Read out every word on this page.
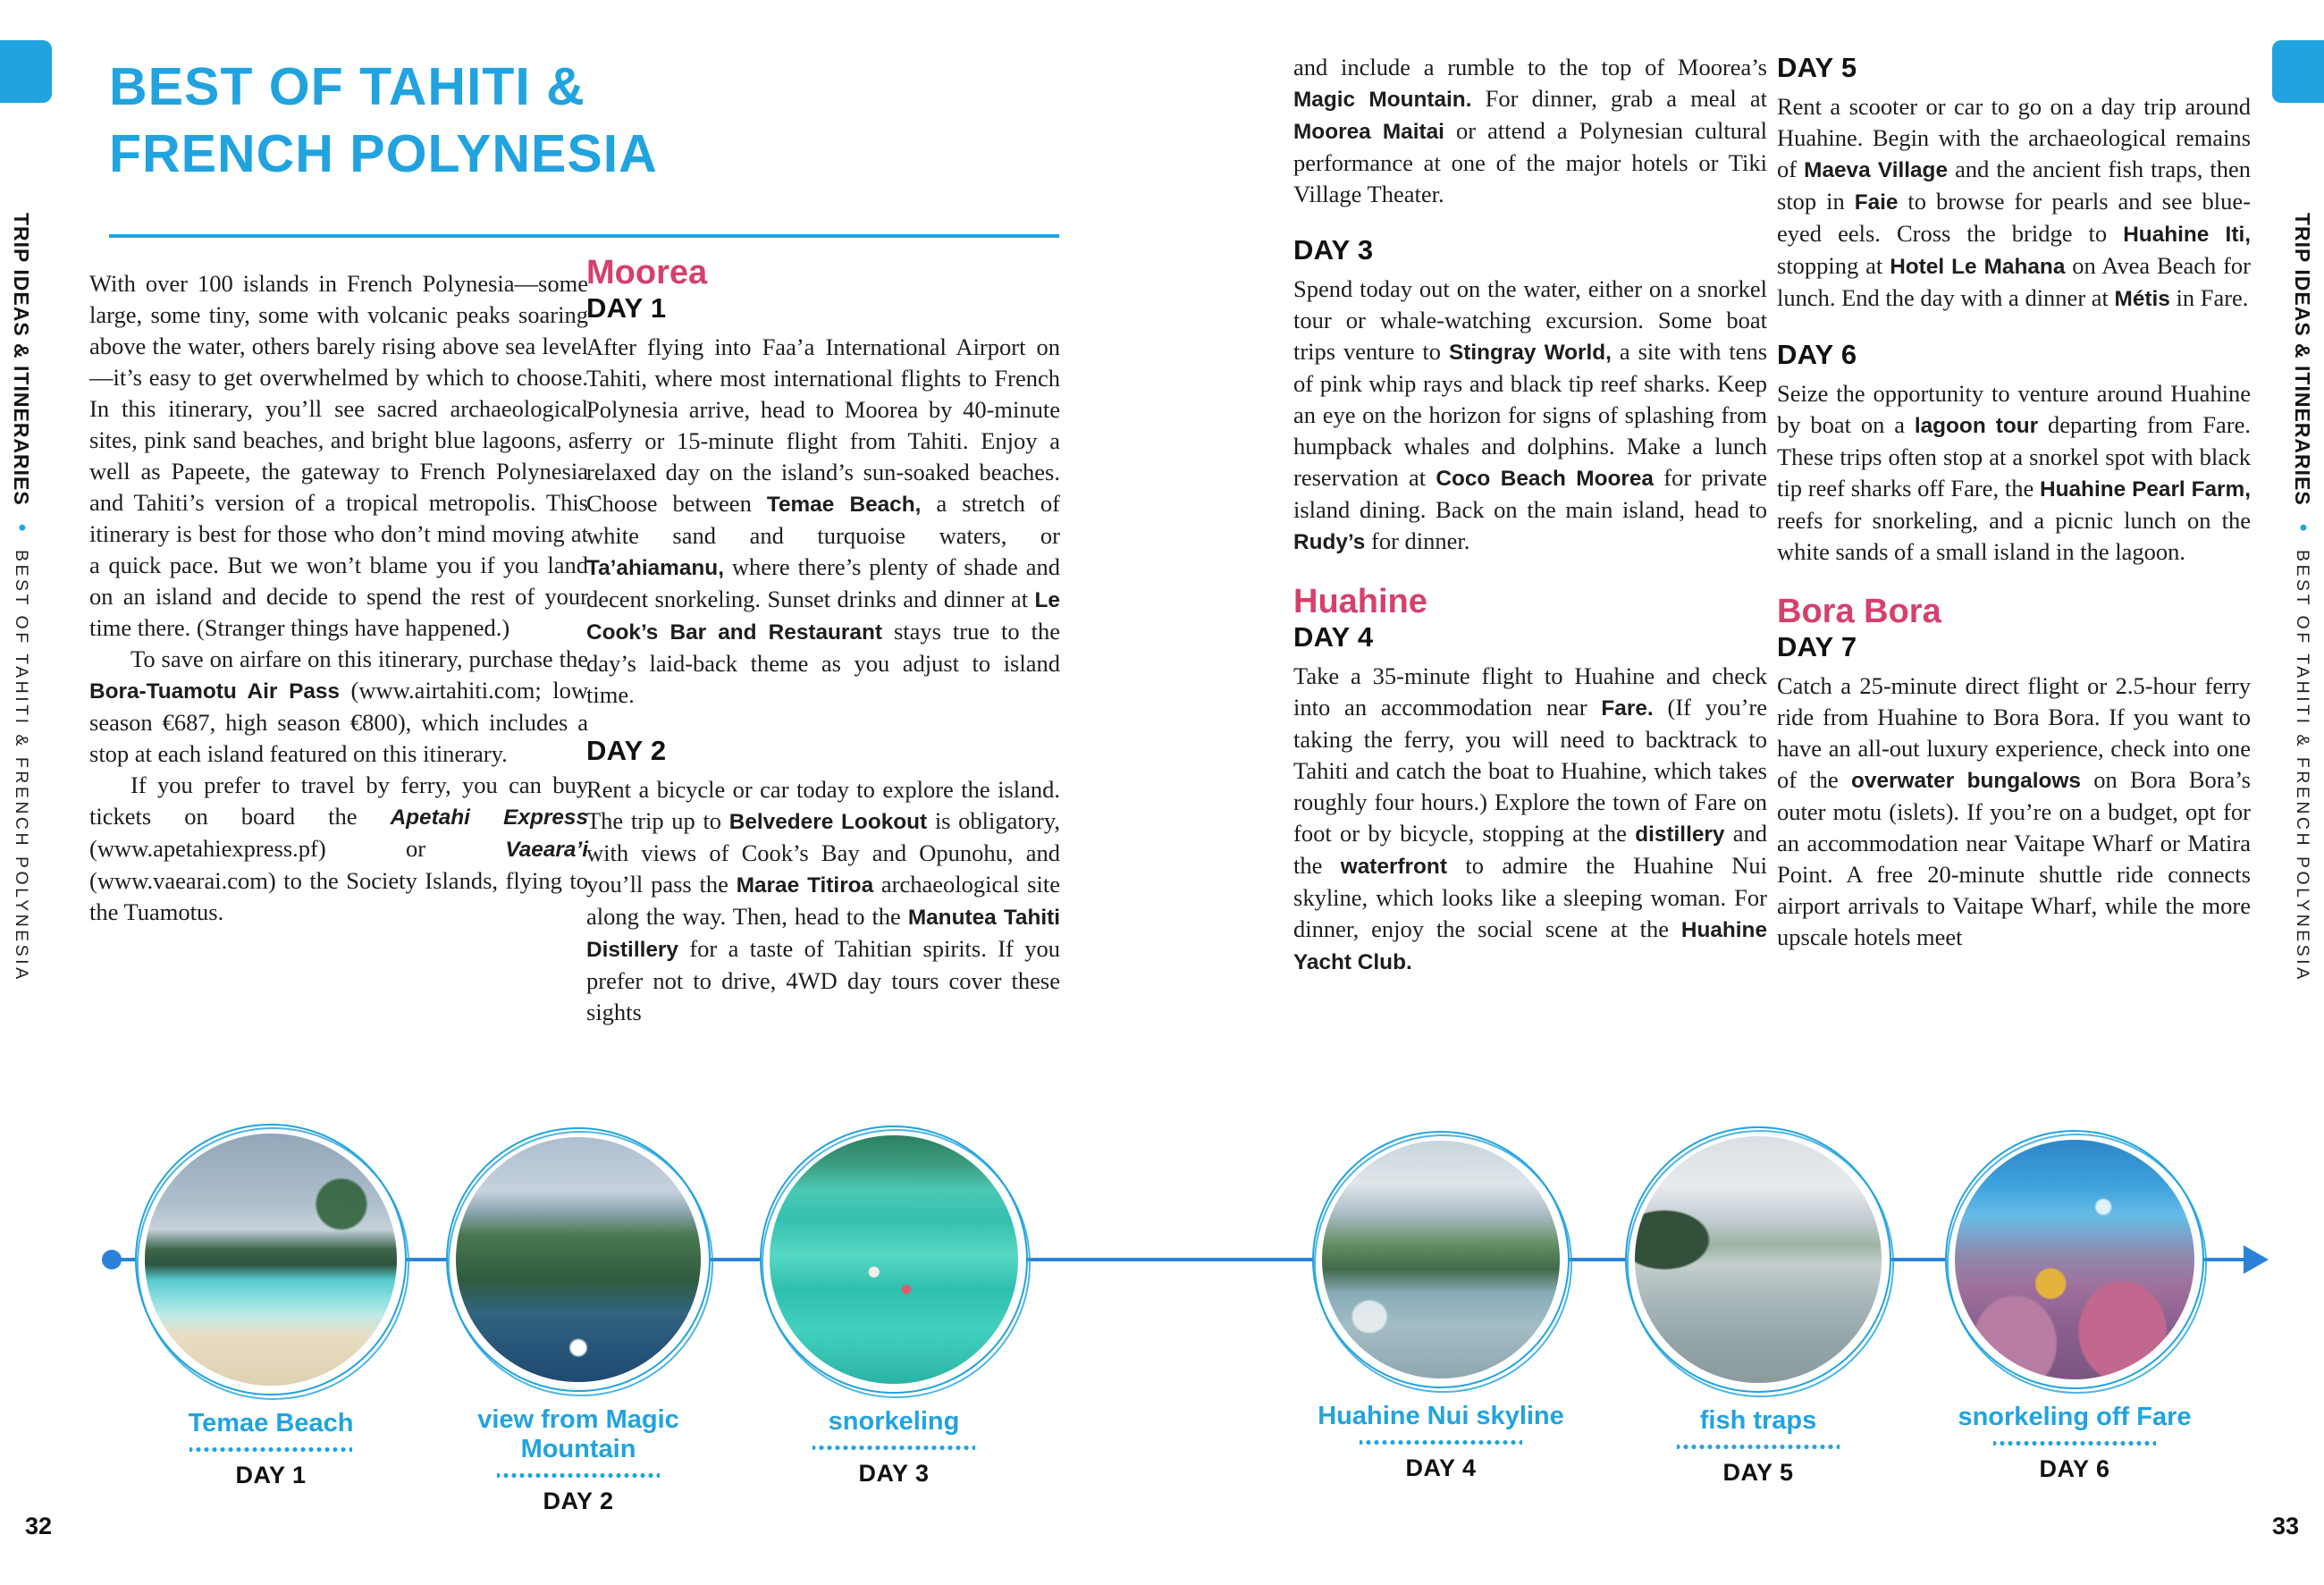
TRIP IDEAS & ITINERARIES • BEST OF TAHITI & FRENCH POLYNESIA
TRIP IDEAS & ITINERARIES • BEST OF TAHITI & FRENCH POLYNESIA
BEST OF TAHITI &
FRENCH POLYNESIA

With over 100 islands in French Polynesia—some large, some tiny, some with volcanic peaks soaring above the water, others barely rising above sea level—it’s easy to get overwhelmed by which to choose. In this itinerary, you’ll see sacred archaeological sites, pink sand beaches, and bright blue lagoons, as well as Papeete, the gateway to French Polynesia and Tahiti’s version of a tropical metropolis. This itinerary is best for those who don’t mind moving at a quick pace. But we won’t blame you if you land on an island and decide to spend the rest of your time there. (Stranger things have happened.)

To save on airfare on this itinerary, purchase the Bora-Tuamotu Air Pass (www.airtahiti.com; low season €687, high season €800), which includes a stop at each island featured on this itinerary.

If you prefer to travel by ferry, you can buy tickets on board the Apetahi Express (www.apetahiexpress.pf) or Vaeara’i (www.vaearai.com) to the Society Islands, flying to the Tuamotus.

Moorea
DAY 1

After flying into Faa’a International Airport on Tahiti, where most international flights to French Polynesia arrive, head to Moorea by 40-minute ferry or 15-minute flight from Tahiti. Enjoy a relaxed day on the island’s sun-soaked beaches. Choose between Temae Beach, a stretch of white sand and turquoise waters, or Ta’ahiamanu, where there’s plenty of shade and decent snorkeling. Sunset drinks and dinner at Le Cook’s Bar and Restaurant stays true to the day’s laid-back theme as you adjust to island time.

DAY 2

Rent a bicycle or car today to explore the island. The trip up to Belvedere Lookout is obligatory, with views of Cook’s Bay and Opunohu, and you’ll pass the Marae Titiroa archaeological site along the way. Then, head to the Manutea Tahiti Distillery for a taste of Tahitian spirits. If you prefer not to drive, 4WD day tours cover these sights

and include a rumble to the top of Moorea’s Magic Mountain. For dinner, grab a meal at Moorea Maitai or attend a Polynesian cultural performance at one of the major hotels or Tiki Village Theater.

DAY 3

Spend today out on the water, either on a snorkel tour or whale-watching excursion. Some boat trips venture to Stingray World, a site with tens of pink whip rays and black tip reef sharks. Keep an eye on the horizon for signs of splashing from humpback whales and dolphins. Make a lunch reservation at Coco Beach Moorea for private island dining. Back on the main island, head to Rudy’s for dinner.

Huahine
DAY 4

Take a 35-minute flight to Huahine and check into an accommodation near Fare. (If you’re taking the ferry, you will need to backtrack to Tahiti and catch the boat to Huahine, which takes roughly four hours.) Explore the town of Fare on foot or by bicycle, stopping at the distillery and the waterfront to admire the Huahine Nui skyline, which looks like a sleeping woman. For dinner, enjoy the social scene at the Huahine Yacht Club.

DAY 5

Rent a scooter or car to go on a day trip around Huahine. Begin with the archaeological remains of Maeva Village and the ancient fish traps, then stop in Faie to browse for pearls and see blue-eyed eels. Cross the bridge to Huahine Iti, stopping at Hotel Le Mahana on Avea Beach for lunch. End the day with a dinner at Métis in Fare.

DAY 6

Seize the opportunity to venture around Huahine by boat on a lagoon tour departing from Fare. These trips often stop at a snorkel spot with black tip reef sharks off Fare, the Huahine Pearl Farm, reefs for snorkeling, and a picnic lunch on the white sands of a small island in the lagoon.

Bora Bora
DAY 7

Catch a 25-minute direct flight or 2.5-hour ferry ride from Huahine to Bora Bora. If you want to have an all-out luxury experience, check into one of the overwater bungalows on Bora Bora’s outer motu (islets). If you’re on a budget, opt for an accommodation near Vaitape Wharf or Matira Point. A free 20-minute shuttle ride connects airport arrivals to Vaitape Wharf, while the more upscale hotels meet

Temae Beach
DAY 1
view from Magic Mountain
DAY 2
snorkeling
DAY 3
Huahine Nui skyline
DAY 4
fish traps
DAY 5
snorkeling off Fare
DAY 6
32	33
